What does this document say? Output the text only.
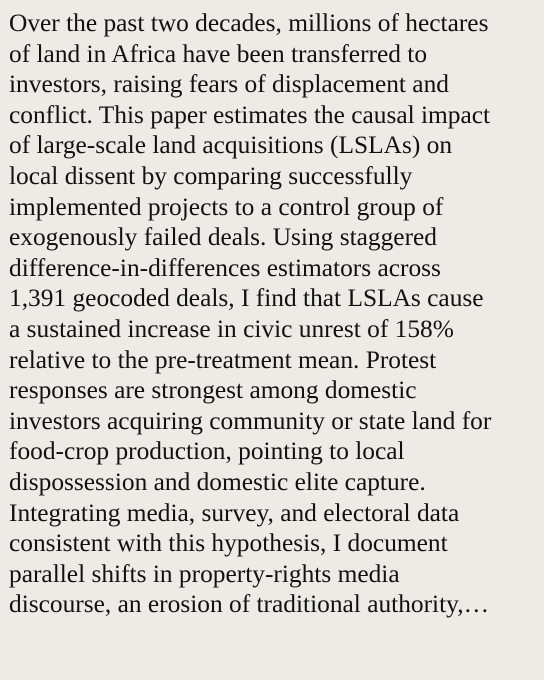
Over the past two decades, millions of hectares
of land in Africa have been transferred to
investors, raising fears of displacement and
conflict. This paper estimates the causal impact
of large-scale land acquisitions (LSLAs) on
local dissent by comparing successfully
implemented projects to a control group of
exogenously failed deals. Using staggered
difference-in-differences estimators across
1,391 geocoded deals, I find that LSLAs cause
a sustained increase in civic unrest of 158%
relative to the pre-treatment mean. Protest
responses are strongest among domestic
investors acquiring community or state land for
food-crop production, pointing to local
dispossession and domestic elite capture.
Integrating media, survey, and electoral data
consistent with this hypothesis, I document
parallel shifts in property-rights media
discourse, an erosion of traditional authority,…
